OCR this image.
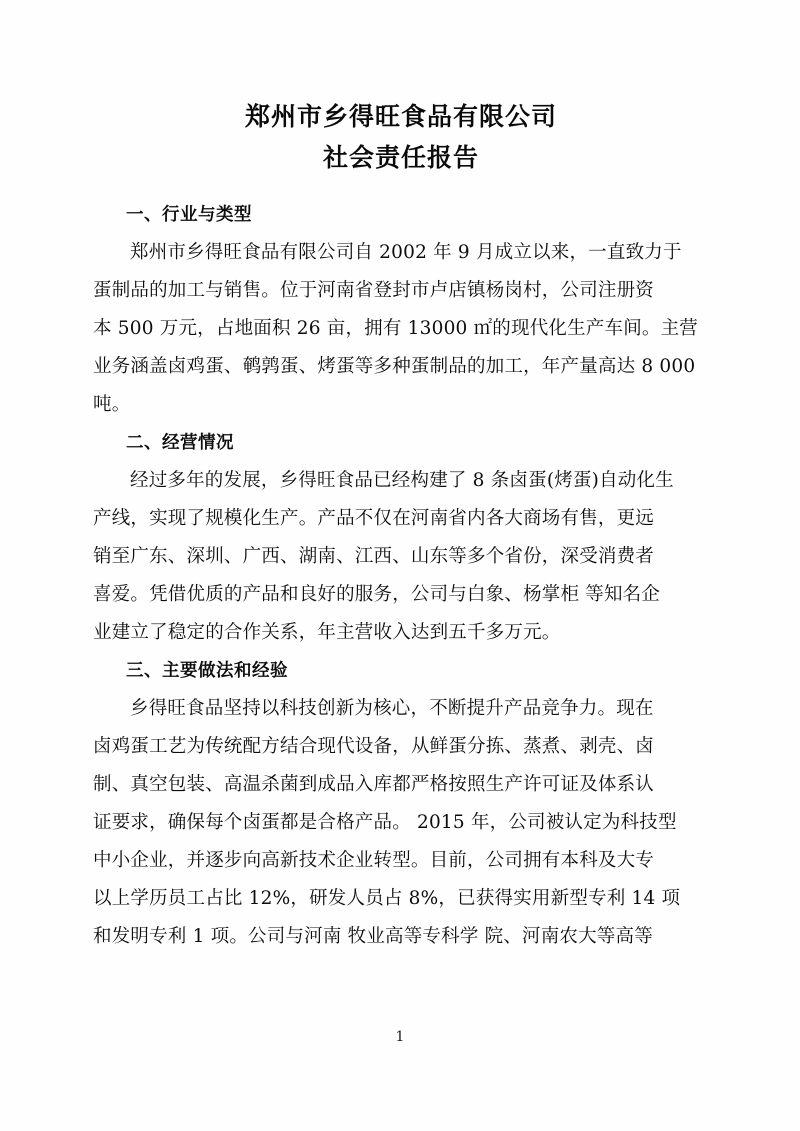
郑州市乡得旺食品有限公司
社会责任报告
一、行业与类型
郑州市乡得旺食品有限公司自 2002 年 9 月成立以来，一直致力于
蛋制品的加工与销售。位于河南省登封市卢店镇杨岗村，公司注册资
本 500 万元，占地面积 26 亩，拥有 13000 ㎡的现代化生产车间。主营
业务涵盖卤鸡蛋、鹌鹑蛋、烤蛋等多种蛋制品的加工，年产量高达 8 000
吨。
二、经营情况
经过多年的发展，乡得旺食品已经构建了 8 条卤蛋(烤蛋)自动化生
产线，实现了规模化生产。产品不仅在河南省内各大商场有售，更远
销至广东、深圳、广西、湖南、江西、山东等多个省份，深受消费者
喜爱。凭借优质的产品和良好的服务，公司与白象、杨掌柜 等知名企
业建立了稳定的合作关系，年主营收入达到五千多万元。
三、主要做法和经验
乡得旺食品坚持以科技创新为核心，不断提升产品竞争力。现在
卤鸡蛋工艺为传统配方结合现代设备，从鲜蛋分拣、蒸煮、剥壳、卤
制、真空包装、高温杀菌到成品入库都严格按照生产许可证及体系认
证要求，确保每个卤蛋都是合格产品。 2015 年，公司被认定为科技型
中小企业，并逐步向高新技术企业转型。目前，公司拥有本科及大专
以上学历员工占比 12%，研发人员占 8%，已获得实用新型专利 14 项
和发明专利 1 项。公司与河南 牧业高等专科学 院、河南农大等高等
1
